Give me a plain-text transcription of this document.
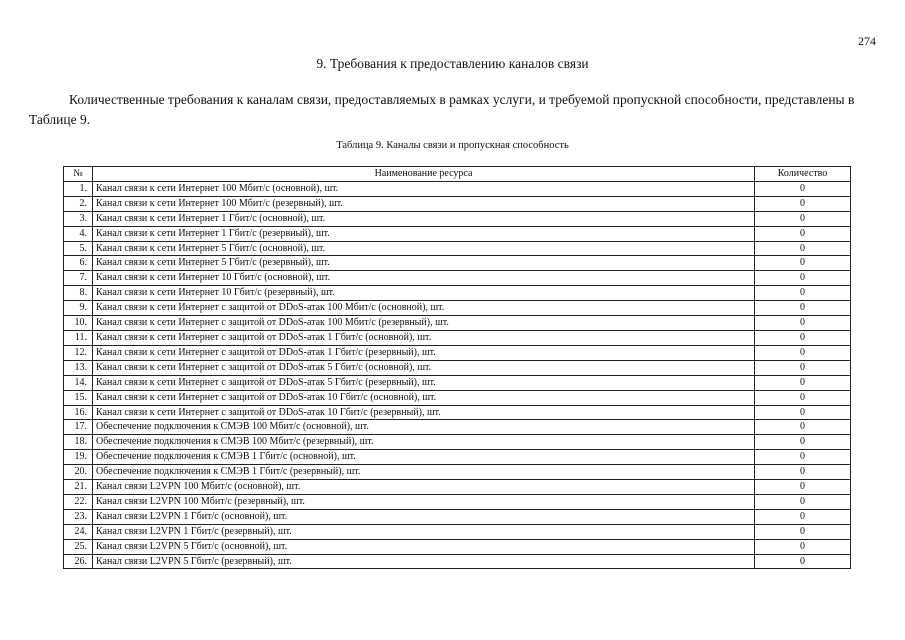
274
9. Требования к предоставлению каналов связи

Количественные требования к каналам связи, предоставляемых в рамках услуги, и требуемой пропускной способности, представлены в Таблице 9.

Таблица 9. Каналы связи и пропускная способность
№	Наименование ресурса	Количество
1.	Канал связи к сети Интернет 100 Мбит/с (основной), шт.	0
2.	Канал связи к сети Интернет 100 Мбит/с (резервный), шт.	0
3.	Канал связи к сети Интернет 1 Гбит/с (основной), шт.	0
4.	Канал связи к сети Интернет 1 Гбит/с (резервный), шт.	0
5.	Канал связи к сети Интернет 5 Гбит/с (основной), шт.	0
6.	Канал связи к сети Интернет 5 Гбит/с (резервный), шт.	0
7.	Канал связи к сети Интернет 10 Гбит/с (основной), шт.	0
8.	Канал связи к сети Интернет 10 Гбит/с (резервный), шт.	0
9.	Канал связи к сети Интернет с защитой от DDoS-атак 100 Мбит/с (основной), шт.	0
10.	Канал связи к сети Интернет с защитой от DDoS-атак 100 Мбит/с (резервный), шт.	0
11.	Канал связи к сети Интернет с защитой от DDoS-атак 1 Гбит/с (основной), шт.	0
12.	Канал связи к сети Интернет с защитой от DDoS-атак 1 Гбит/с (резервный), шт.	0
13.	Канал связи к сети Интернет с защитой от DDoS-атак 5 Гбит/с (основной), шт.	0
14.	Канал связи к сети Интернет с защитой от DDoS-атак 5 Гбит/с (резервный), шт.	0
15.	Канал связи к сети Интернет с защитой от DDoS-атак 10 Гбит/с (основной), шт.	0
16.	Канал связи к сети Интернет с защитой от DDoS-атак 10 Гбит/с (резервный), шт.	0
17.	Обеспечение подключения к СМЭВ 100 Мбит/с (основной), шт.	0
18.	Обеспечение подключения к СМЭВ 100 Мбит/с (резервный), шт.	0
19.	Обеспечение подключения к СМЭВ 1 Гбит/с (основной), шт.	0
20.	Обеспечение подключения к СМЭВ 1 Гбит/с (резервный), шт.	0
21.	Канал связи L2VPN 100 Мбит/с (основной), шт.	0
22.	Канал связи L2VPN 100 Мбит/с (резервный), шт.	0
23.	Канал связи L2VPN 1 Гбит/с (основной), шт.	0
24.	Канал связи L2VPN 1 Гбит/с (резервный), шт.	0
25.	Канал связи L2VPN 5 Гбит/с (основной), шт.	0
26.	Канал связи L2VPN 5 Гбит/с (резервный), шт.	0
